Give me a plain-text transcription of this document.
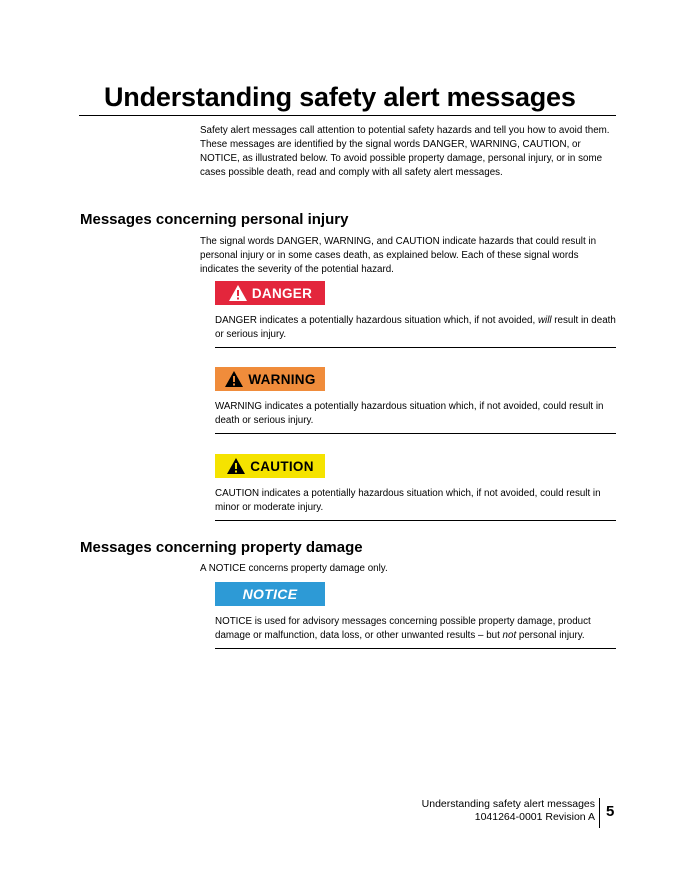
Understanding safety alert messages

Safety alert messages call attention to potential safety hazards and tell you how to avoid them. These messages are identified by the signal words DANGER, WARNING, CAUTION, or NOTICE, as illustrated below. To avoid possible property damage, personal injury, or in some cases possible death, read and comply with all safety alert messages.

Messages concerning personal injury

The signal words DANGER, WARNING, and CAUTION indicate hazards that could result in personal injury or in some cases death, as explained below. Each of these signal words indicates the severity of the potential hazard.

DANGER

DANGER indicates a potentially hazardous situation which, if not avoided, will result in death or serious injury.

WARNING

WARNING indicates a potentially hazardous situation which, if not avoided, could result in death or serious injury.

CAUTION

CAUTION indicates a potentially hazardous situation which, if not avoided, could result in minor or moderate injury.

Messages concerning property damage

A NOTICE concerns property damage only.

NOTICE

NOTICE is used for advisory messages concerning possible property damage, product damage or malfunction, data loss, or other unwanted results – but not personal injury.

Understanding safety alert messages
1041264-0001 Revision A 5
